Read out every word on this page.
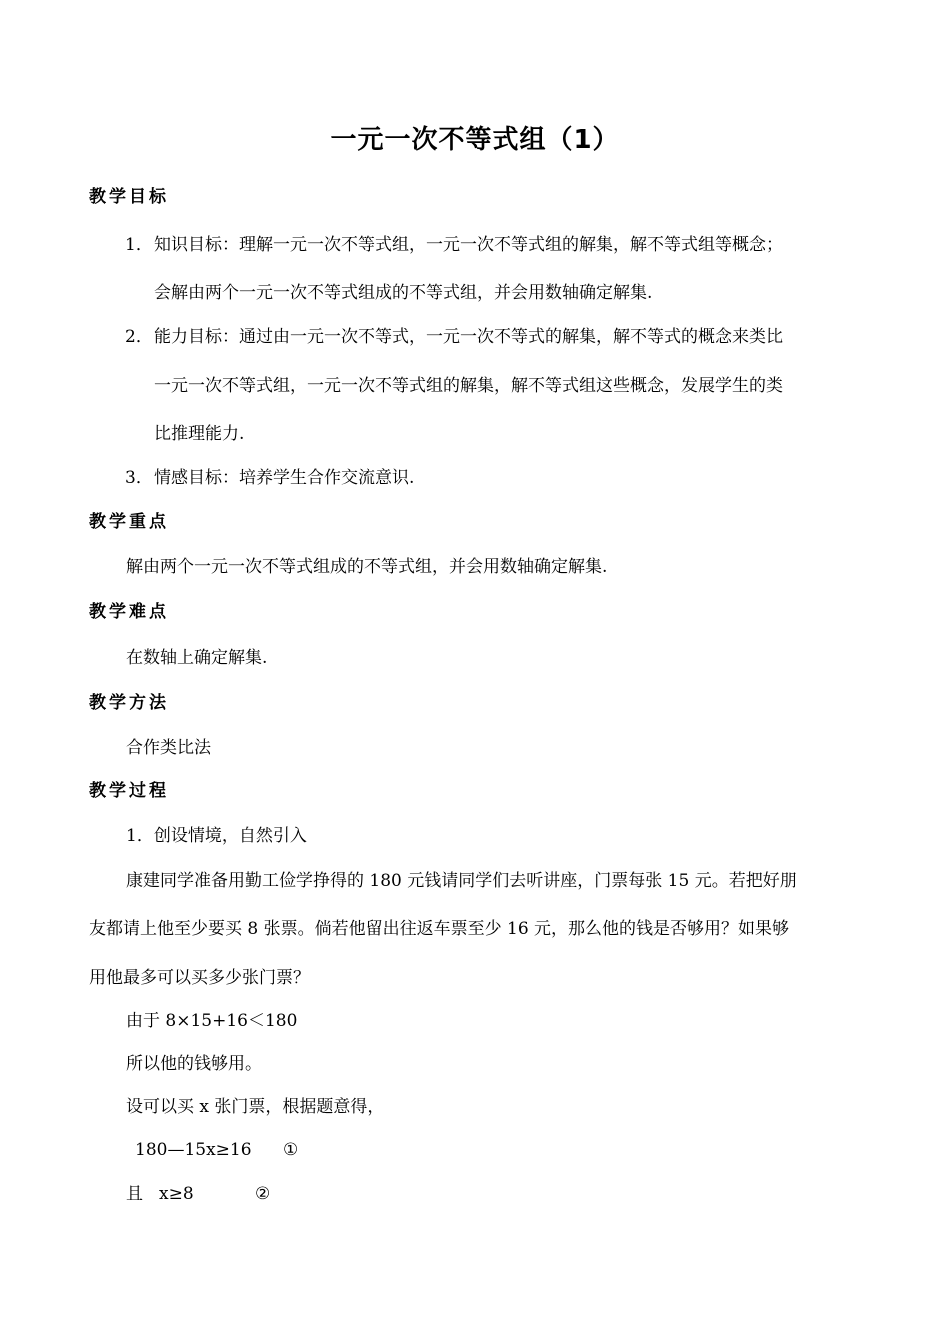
一元一次不等式组（1）
教学目标
1． 知识目标：理解一元一次不等式组，一元一次不等式组的解集，解不等式组等概念；
会解由两个一元一次不等式组成的不等式组，并会用数轴确定解集.
2． 能力目标：通过由一元一次不等式，一元一次不等式的解集，解不等式的概念来类比
一元一次不等式组，一元一次不等式组的解集，解不等式组这些概念，发展学生的类
比推理能力.
3． 情感目标：培养学生合作交流意识.
教学重点
解由两个一元一次不等式组成的不等式组，并会用数轴确定解集.
教学难点
在数轴上确定解集.
教学方法
合作类比法
教学过程
1．创设情境，自然引入
康建同学准备用勤工俭学挣得的 180 元钱请同学们去听讲座，门票每张 15 元。若把好朋
友都请上他至少要买 8 张票。倘若他留出往返车票至少 16 元，那么他的钱是否够用？如果够
用他最多可以买多少张门票？
由于 8×15+16＜180
所以他的钱够用。
设可以买 x 张门票，根据题意得，
180—15x≥16 ①
且 x≥8	②
